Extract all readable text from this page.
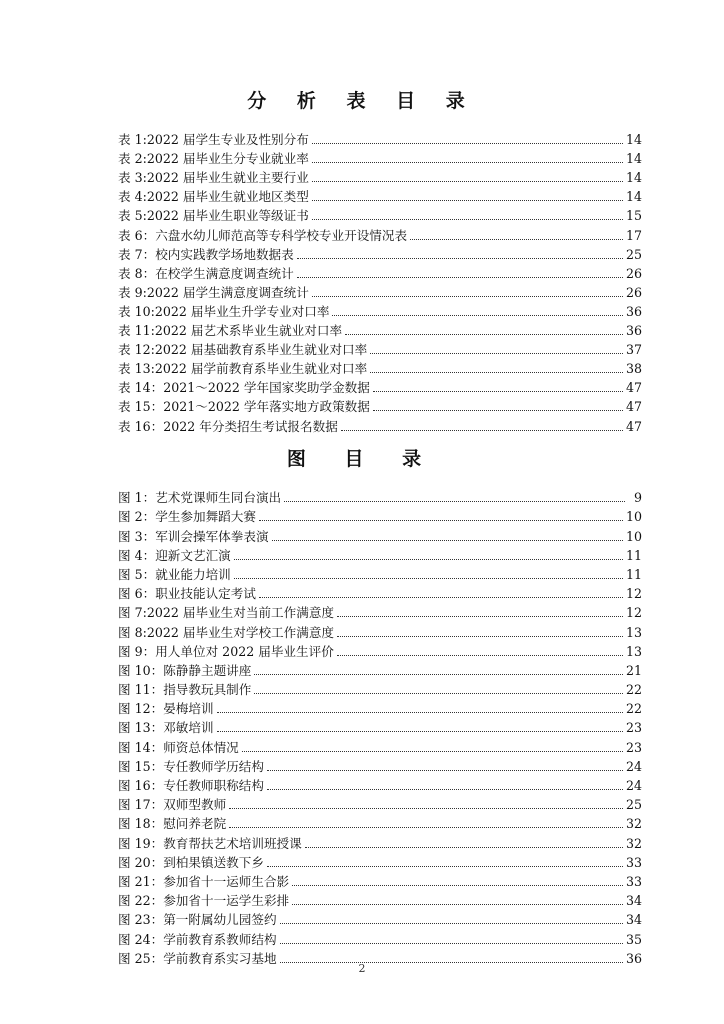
分 析 表 目 录
表 1:2022 届学生专业及性别分布	14
表 2:2022 届毕业生分专业就业率	14
表 3:2022 届毕业生就业主要行业	14
表 4:2022 届毕业生就业地区类型	14
表 5:2022 届毕业生职业等级证书	15
表 6：六盘水幼儿师范高等专科学校专业开设情况表	17
表 7：校内实践教学场地数据表	25
表 8：在校学生满意度调查统计	26
表 9:2022 届学生满意度调查统计	26
表 10:2022 届毕业生升学专业对口率	36
表 11:2022 届艺术系毕业生就业对口率	36
表 12:2022 届基础教育系毕业生就业对口率	37
表 13:2022 届学前教育系毕业生就业对口率	38
表 14：2021～2022 学年国家奖助学金数据	47
表 15：2021～2022 学年落实地方政策数据	47
表 16：2022 年分类招生考试报名数据	47
图 目 录
图 1：艺术党课师生同台演出	9
图 2：学生参加舞蹈大赛	10
图 3：军训会操军体拳表演	10
图 4：迎新文艺汇演	11
图 5：就业能力培训	11
图 6：职业技能认定考试	12
图 7:2022 届毕业生对当前工作满意度	12
图 8:2022 届毕业生对学校工作满意度	13
图 9：用人单位对 2022 届毕业生评价	13
图 10：陈静静主题讲座	21
图 11：指导教玩具制作	22
图 12：晏梅培训	22
图 13：邓敏培训	23
图 14：师资总体情况	23
图 15：专任教师学历结构	24
图 16：专任教师职称结构	24
图 17：双师型教师	25
图 18：慰问养老院	32
图 19：教育帮扶艺术培训班授课	32
图 20：到柏果镇送教下乡	33
图 21：参加省十一运师生合影	33
图 22：参加省十一运学生彩排	34
图 23：第一附属幼儿园签约	34
图 24：学前教育系教师结构	35
图 25：学前教育系实习基地	36
2
